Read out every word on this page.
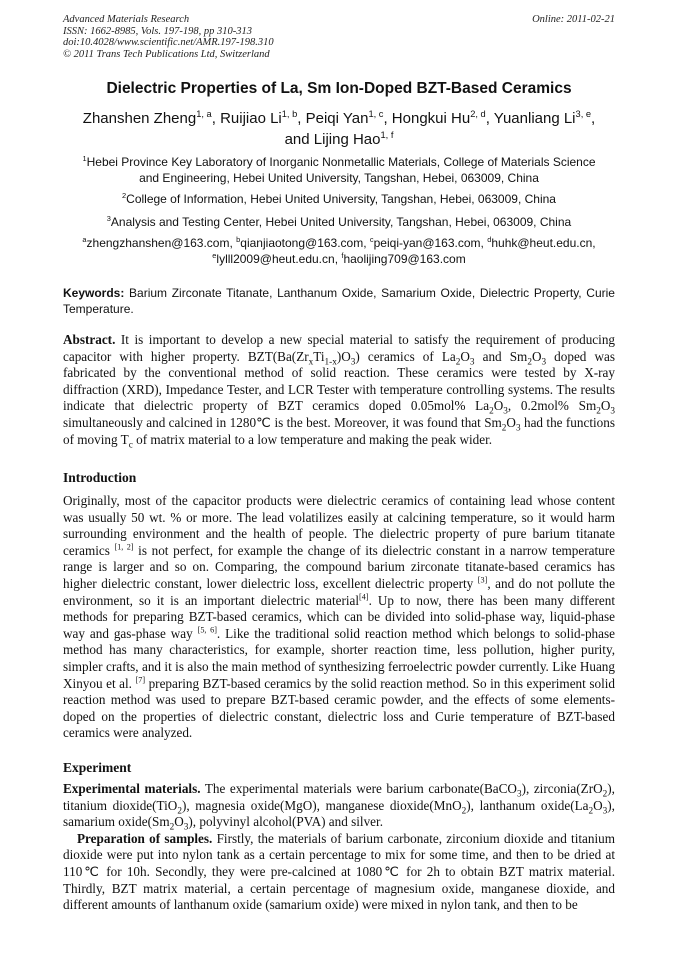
Advanced Materials Research
ISSN: 1662-8985, Vols. 197-198, pp 310-313
doi:10.4028/www.scientific.net/AMR.197-198.310
© 2011 Trans Tech Publications Ltd, Switzerland
Online: 2011-02-21
Dielectric Properties of La, Sm Ion-Doped BZT-Based Ceramics
Zhanshen Zheng$^{1, a}$, Ruijiao Li$^{1, b}$, Peiqi Yan$^{1, c}$, Hongkui Hu$^{2, d}$, Yuanliang Li$^{3, e}$,
and Lijing Hao$^{1, f}$
$^1$Hebei Province Key Laboratory of Inorganic Nonmetallic Materials, College of Materials Science
and Engineering, Hebei United University, Tangshan, Hebei, 063009, China
$^2$College of Information, Hebei United University, Tangshan, Hebei, 063009, China
$^3$Analysis and Testing Center, Hebei United University, Tangshan, Hebei, 063009, China
$^a$zhengzhanshen@163.com, $^b$qianjiaotong@163.com, $^c$peiqi-yan@163.com, $^d$huhk@heut.edu.cn,
$^e$lylll2009@heut.edu.cn, $^f$haolijing709@163.com
Keywords: Barium Zirconate Titanate, Lanthanum Oxide, Samarium Oxide, Dielectric Property, Curie Temperature.
Abstract. It is important to develop a new special material to satisfy the requirement of producing capacitor with higher property. $BZT(Ba(Zr_xTi_{1-x})O_3)$ ceramics of $La_2O_3$ and $Sm_2O_3$ doped was fabricated by the conventional method of solid reaction. These ceramics were tested by X-ray diffraction (XRD), Impedance Tester, and LCR Tester with temperature controlling systems. The results indicate that dielectric property of BZT ceramics doped 0.05mol% $La_2O_3$, 0.2mol% $Sm_2O_3$ simultaneously and calcined in 1280℃ is the best. Moreover, it was found that $Sm_2O_3$ had the functions of moving $T_c$ of matrix material to a low temperature and making the peak wider.
Introduction
Originally, most of the capacitor products were dielectric ceramics of containing lead whose content was usually 50 wt. % or more. The lead volatilizes easily at calcining temperature, so it would harm surrounding environment and the health of people. The dielectric property of pure barium titanate ceramics [1, 2] is not perfect, for example the change of its dielectric constant in a narrow temperature range is larger and so on. Comparing, the compound barium zirconate titanate-based ceramics has higher dielectric constant, lower dielectric loss, excellent dielectric property [3], and do not pollute the environment, so it is an important dielectric material[4]. Up to now, there has been many different methods for preparing BZT-based ceramics, which can be divided into solid-phase way, liquid-phase way and gas-phase way [5, 6]. Like the traditional solid reaction method which belongs to solid-phase method has many characteristics, for example, shorter reaction time, less pollution, higher purity, simpler crafts, and it is also the main method of synthesizing ferroelectric powder currently. Like Huang Xinyou et al. [7] preparing BZT-based ceramics by the solid reaction method. So in this experiment solid reaction method was used to prepare BZT-based ceramic powder, and the effects of some elements-doped on the properties of dielectric constant, dielectric loss and Curie temperature of BZT-based ceramics were analyzed.
Experiment

Experimental materials. The experimental materials were barium carbonate(BaCO$_3$), zirconia(ZrO$_2$), titanium dioxide(TiO$_2$), magnesia oxide(MgO), manganese dioxide(MnO$_2$), lanthanum $oxide(La_2O_3)$, samarium $oxide(Sm_2O_3)$, polyvinyl alcohol(PVA) and silver.

Preparation of samples. Firstly, the materials of barium carbonate, zirconium dioxide and titanium dioxide were put into nylon tank as a certain percentage to mix for some time, and then to be dried at 110℃ for 10h. Secondly, they were pre-calcined at 1080℃ for 2h to obtain BZT matrix material. Thirdly, BZT matrix material, a certain percentage of magnesium oxide, manganese dioxide, and different amounts of lanthanum oxide (samarium oxide) were mixed in nylon tank, and then to be
